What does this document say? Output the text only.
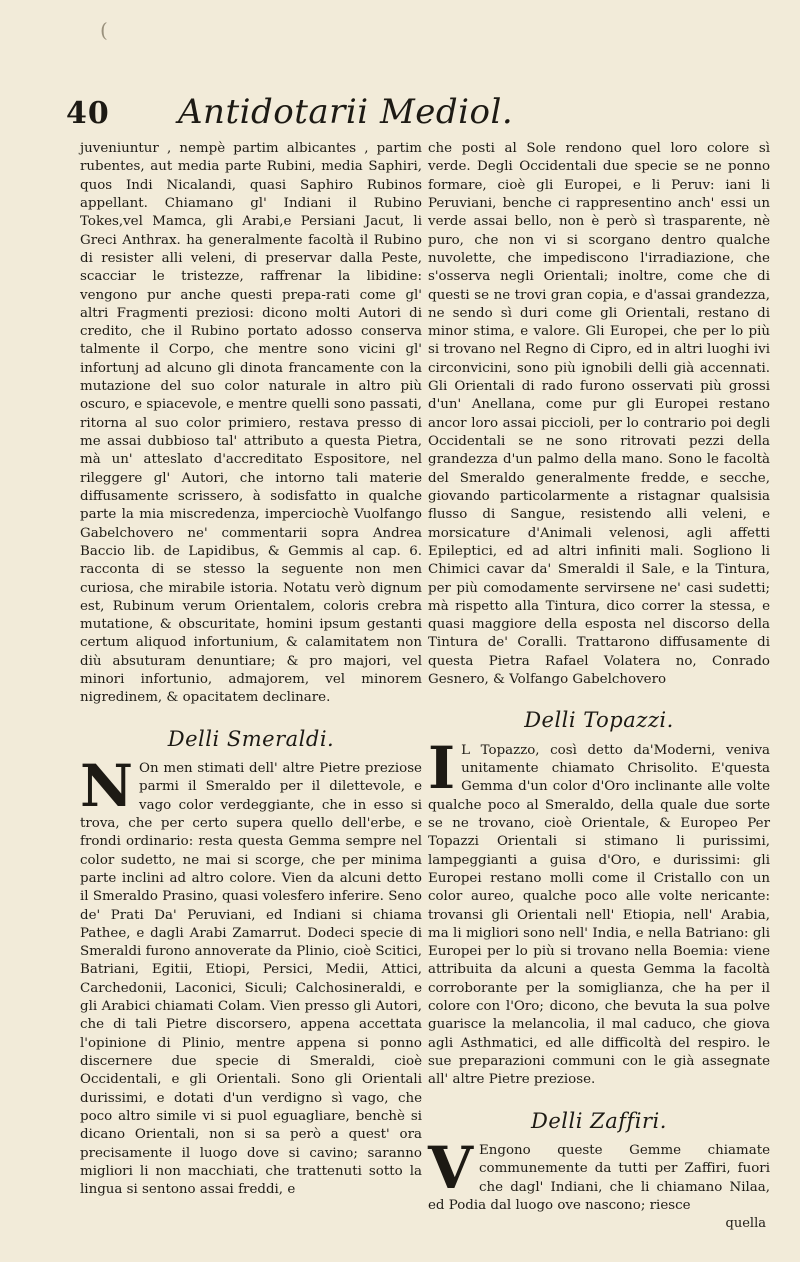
(
40 Antidotarii Mediol.

juveniuntur , nempè partim albicantes , partim rubentes, aut media parte Rubini, media Saphiri, quos Indi Nicalandi, quasi Saphiro Rubinos appellant. Chiamano gl' Indiani il Rubino Tokes,vel Mamca, gli Arabi,e Persiani Jacut, li Greci Anthrax. ha generalmente facoltà il Rubino di resister alli veleni, di preservar dalla Peste, scacciar le tristezze, raffrenar la libidine: vengono pur anche questi prepa-rati come gl' altri Fragmenti preziosi: dicono molti Autori di credito, che il Rubino portato adosso conserva talmente il Corpo, che mentre sono vicini gl' infortunj ad alcuno gli dinota francamente con la mutazione del suo color naturale in altro più oscuro, e spiacevole, e mentre quelli sono passati, ritorna al suo color primiero, restava presso di me assai dubbioso tal' attributo a questa Pietra, mà un' atteslato d'accreditato Espositore, nel rileggere gl' Autori, che intorno tali materie diffusamente scrissero, à sodisfatto in qualche parte la mia miscredenza, imperciochè Vuolfango Gabelchovero ne' commentarii sopra Andrea Baccio lib. de Lapidibus, & Gemmis al cap. 6. racconta di se stesso la seguente non men curiosa, che mirabile istoria. Notatu verò dignum est, Rubinum verum Orientalem, coloris crebra mutatione, & obscuritate, homini ipsum gestanti certum aliquod infortunium, & calamitatem non diù absuturam denuntiare; & pro majori, vel minori infortunio, admajorem, vel minorem nigredinem, & opacitatem declinare.

Delli Smeraldi.

N On men stimati dell' altre Pietre preziose parmi il Smeraldo per il dilettevole, e vago color verdeggiante, che in esso si trova, che per certo supera quello dell'erbe, e frondi ordinario: resta questa Gemma sempre nel color sudetto, ne mai si scorge, che per minima parte inclini ad altro colore. Vien da alcuni detto il Smeraldo Prasino, quasi volesfero inferire. Seno de' Prati Da' Peruviani, ed Indiani si chiama Pathee, e dagli Arabi Zamarrut. Dodeci specie di Smeraldi furono annoverate da Plinio, cioè Scitici, Batriani, Egitii, Etiopi, Persici, Medii, Attici, Carchedonii, Laconici, Siculi; Calchosineraldi, e gli Arabici chiamati Colam. Vien presso gli Autori, che di tali Pietre discorsero, appena accettata l'opinione di Plinio, mentre appena si ponno discernere due specie di Smeraldi, cioè Occidentali, e gli Orientali. Sono gli Orientali durissimi, e dotati d'un verdigno sì vago, che poco altro simile vi si puol eguagliare, benchè si dicano Orientali, non si sa però a quest' ora precisamente il luogo dove si cavino; saranno migliori li non macchiati, che trattenuti sotto la lingua si sentono assai freddi, e

che posti al Sole rendono quel loro colore sì verde. Degli Occidentali due specie se ne ponno formare, cioè gli Europei, e li Peruv: iani li Peruviani, benche ci rappresentino anch' essi un verde assai bello, non è però sì trasparente, nè puro, che non vi si scorgano dentro qualche nuvolette, che impediscono l'irradiazione, che s'osserva negli Orientali; inoltre, come che di questi se ne trovi gran copia, e d'assai grandezza, ne sendo sì duri come gli Orientali, restano di minor stima, e valore. Gli Europei, che per lo più si trovano nel Regno di Cipro, ed in altri luoghi ivi circonvicini, sono più ignobili delli già accennati. Gli Orientali di rado furono osservati più grossi d'un' Anellana, come pur gli Europei restano ancor loro assai piccioli, per lo contrario poi degli Occidentali se ne sono ritrovati pezzi della grandezza d'un palmo della mano. Sono le facoltà del Smeraldo generalmente fredde, e secche, giovando particolarmente a ristagnar qualsisia flusso di Sangue, resistendo alli veleni, e morsicature d'Animali velenosi, agli affetti Epileptici, ed ad altri infiniti mali. Sogliono li Chimici cavar da' Smeraldi il Sale, e la Tintura, per più comodamente servirsene ne' casi sudetti; mà rispetto alla Tintura, dico correr la stessa, e quasi maggiore della esposta nel discorso della Tintura de' Coralli. Trattarono diffusamente di questa Pietra Rafael Volatera no, Conrado Gesnero, & Volfango Gabelchovero

Delli Topazzi.

I L Topazzo, così detto da'Moderni, veniva unitamente chiamato Chrisolito. E'questa Gemma d'un color d'Oro inclinante alle volte qualche poco al Smeraldo, della quale due sorte se ne trovano, cioè Orientale, & Europeo Per Topazzi Orientali si stimano li purissimi, lampeggianti a guisa d'Oro, e durissimi: gli Europei restano molli come il Cristallo con un color aureo, qualche poco alle volte nericante: trovansi gli Orientali nell' Etiopia, nell' Arabia, ma li migliori sono nell' India, e nella Batriano: gli Europei per lo più si trovano nella Boemia: viene attribuita da alcuni a questa Gemma la facoltà corroborante per la somiglianza, che ha per il colore con l'Oro; dicono, che bevuta la sua polve guarisce la melancolia, il mal caduco, che giova agli Asthmatici, ed alle difficoltà del respiro. le sue preparazioni communi con le già assegnate all' altre Pietre preziose.

Delli Zaffiri.

V Engono queste Gemme chiamate communemente da tutti per Zaffiri, fuori che dagl' Indiani, che li chiamano Nilaa, ed Podia dal luogo ove nascono; riesce

quella
